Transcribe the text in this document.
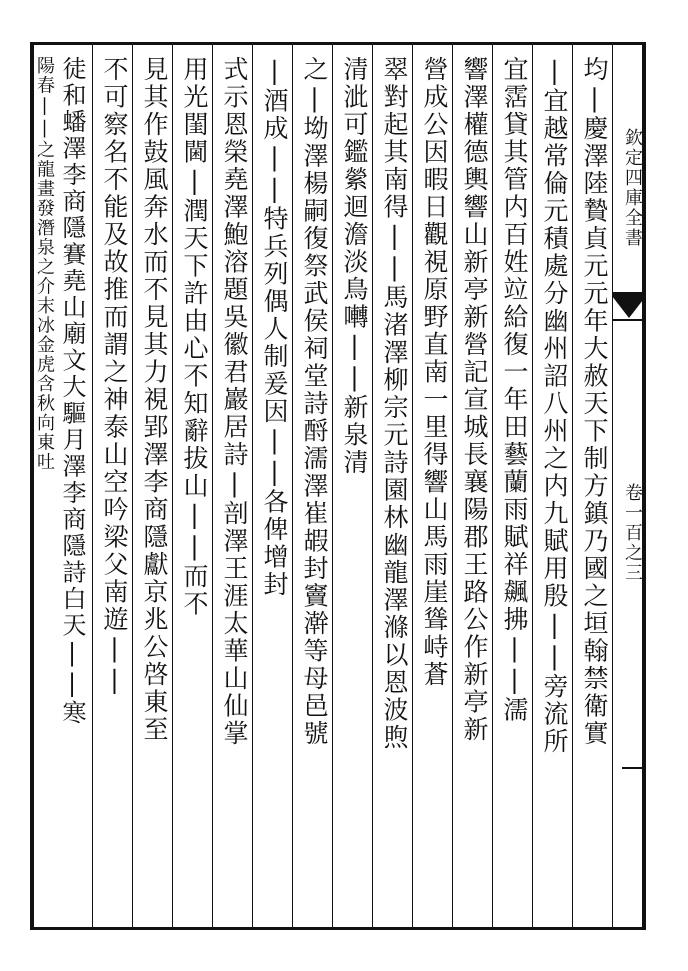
欽定四庫全書
卷一百之三
均|慶澤陸贄貞元元年大赦天下制方鎮乃國之垣翰禁衛實
|宜越常倫元積處分幽州詔八州之内九賦用殷||旁流所
宜霑貸其管内百姓竝給復一年田藝蘭雨賦祥飆拂||濡
響澤權德輿響山新亭新營記宣城長襄陽郡王路公作新亭新
營成公因暇日觀視原野直南一里得響山馬雨崖聳峙蒼
翠對起其南得||馬渚澤柳宗元詩園林幽龍澤滌以恩波煦
清泚可鑑縈迴澹淡鳥囀||新泉清
之|坳澤楊嗣復祭武侯祠堂詩酹濡澤崔嘏封竇澣等母邑號
|酒成||特兵列偶人制爰因||各俾增封
式示恩榮堯澤鮑溶題吳徽君巖居詩|剖澤王涯太華山仙掌
用光閨閫|潤天下許由心不知辭拔山||而不
見其作鼓風奔水而不見其力視郢澤李商隱獻京兆公啓東至
不可察名不能及故推而謂之神泰山空吟梁父南遊||
徒和蟠澤李商隱賽堯山廟文大驅月澤李商隱詩白天||寒
陽春||之龍畫發潛泉之介末冰金虎含秋向東吐
